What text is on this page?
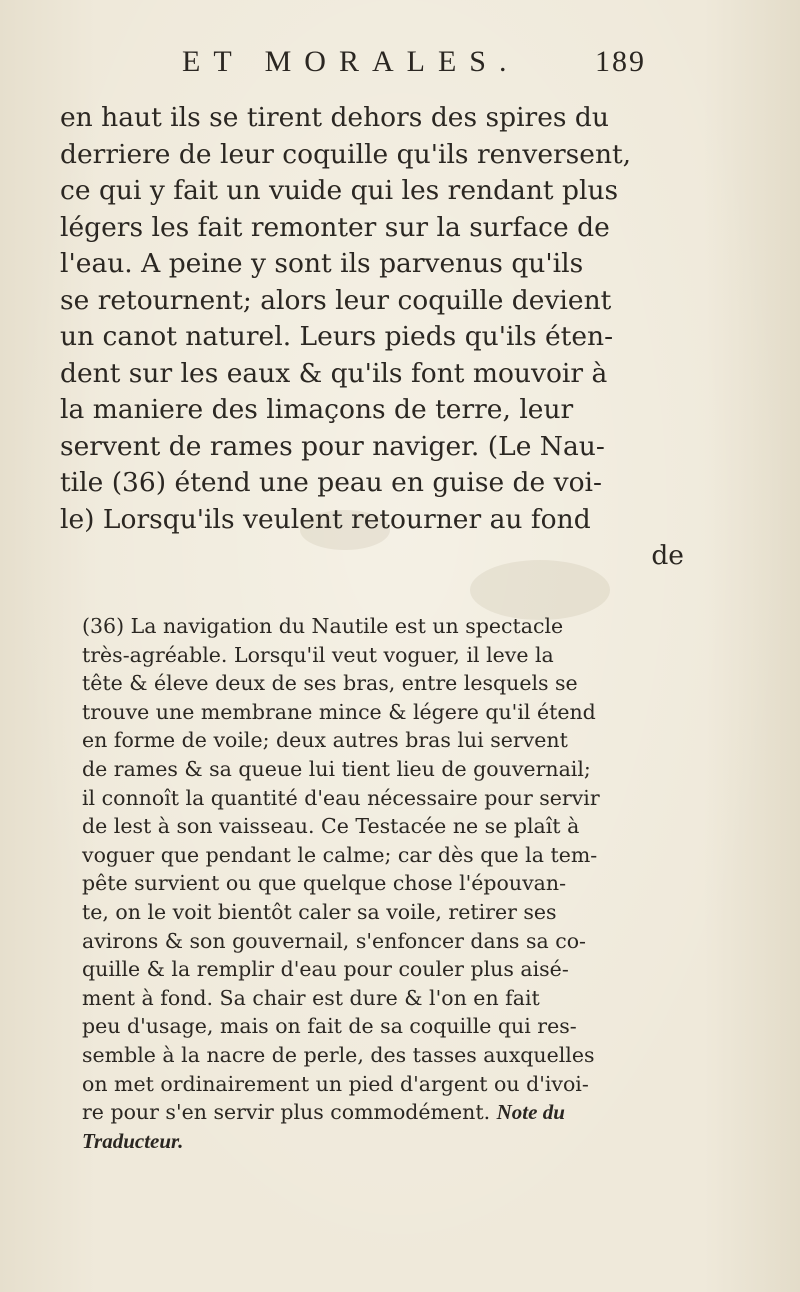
ET MORALES.	189
en haut ils se tirent dehors des spires du
derriere de leur coquille qu'ils renversent,
ce qui y fait un vuide qui les rendant plus
légers les fait remonter sur la surface de
l'eau. A peine y sont ils parvenus qu'ils
se retournent; alors leur coquille devient
un canot naturel. Leurs pieds qu'ils éten-
dent sur les eaux & qu'ils font mouvoir à
la maniere des limaçons de terre, leur
servent de rames pour naviger. (Le Nau-
tile (36) étend une peau en guise de voi-
le) Lorsqu'ils veulent retourner au fond
de
(36) La navigation du Nautile est un spectacle
très-agréable. Lorsqu'il veut voguer, il leve la
tête & éleve deux de ses bras, entre lesquels se
trouve une membrane mince & légere qu'il étend
en forme de voile; deux autres bras lui servent
de rames & sa queue lui tient lieu de gouvernail;
il connoît la quantité d'eau nécessaire pour servir
de lest à son vaisseau. Ce Testacée ne se plaît à
voguer que pendant le calme; car dès que la tem-
pête survient ou que quelque chose l'épouvan-
te, on le voit bientôt caler sa voile, retirer ses
avirons & son gouvernail, s'enfoncer dans sa co-
quille & la remplir d'eau pour couler plus aisé-
ment à fond. Sa chair est dure & l'on en fait
peu d'usage, mais on fait de sa coquille qui res-
semble à la nacre de perle, des tasses auxquelles
on met ordinairement un pied d'argent ou d'ivoi-
re pour s'en servir plus commodément. Note du
Traducteur.
